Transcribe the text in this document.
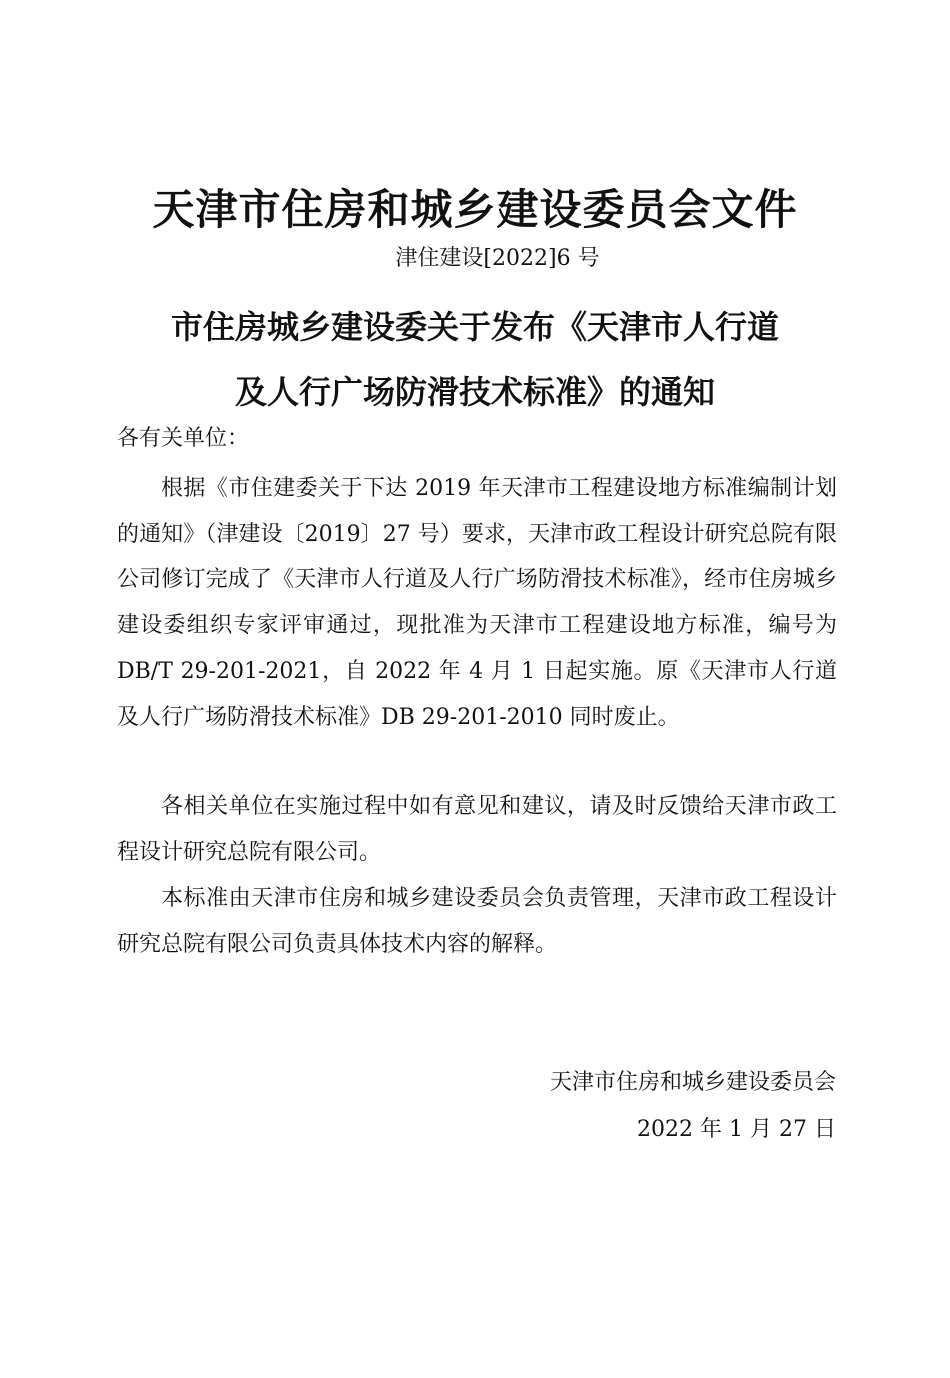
天津市住房和城乡建设委员会文件
津住建设[2022]6 号
市住房城乡建设委关于发布《天津市人行道
及人行广场防滑技术标准》的通知
各有关单位：

根据《市住建委关于下达 2019 年天津市工程建设地方标准编制计划的通知》（津建设〔2019〕27 号）要求，天津市政工程设计研究总院有限公司修订完成了《天津市人行道及人行广场防滑技术标准》，经市住房城乡建设委组织专家评审通过，现批准为天津市工程建设地方标准，编号为 DB/T 29-201-2021，自 2022 年 4 月 1 日起实施。原《天津市人行道及人行广场防滑技术标准》DB 29-201-2010 同时废止。

各相关单位在实施过程中如有意见和建议，请及时反馈给天津市政工程设计研究总院有限公司。

本标准由天津市住房和城乡建设委员会负责管理，天津市政工程设计研究总院有限公司负责具体技术内容的解释。

天津市住房和城乡建设委员会
2022 年 1 月 27 日
